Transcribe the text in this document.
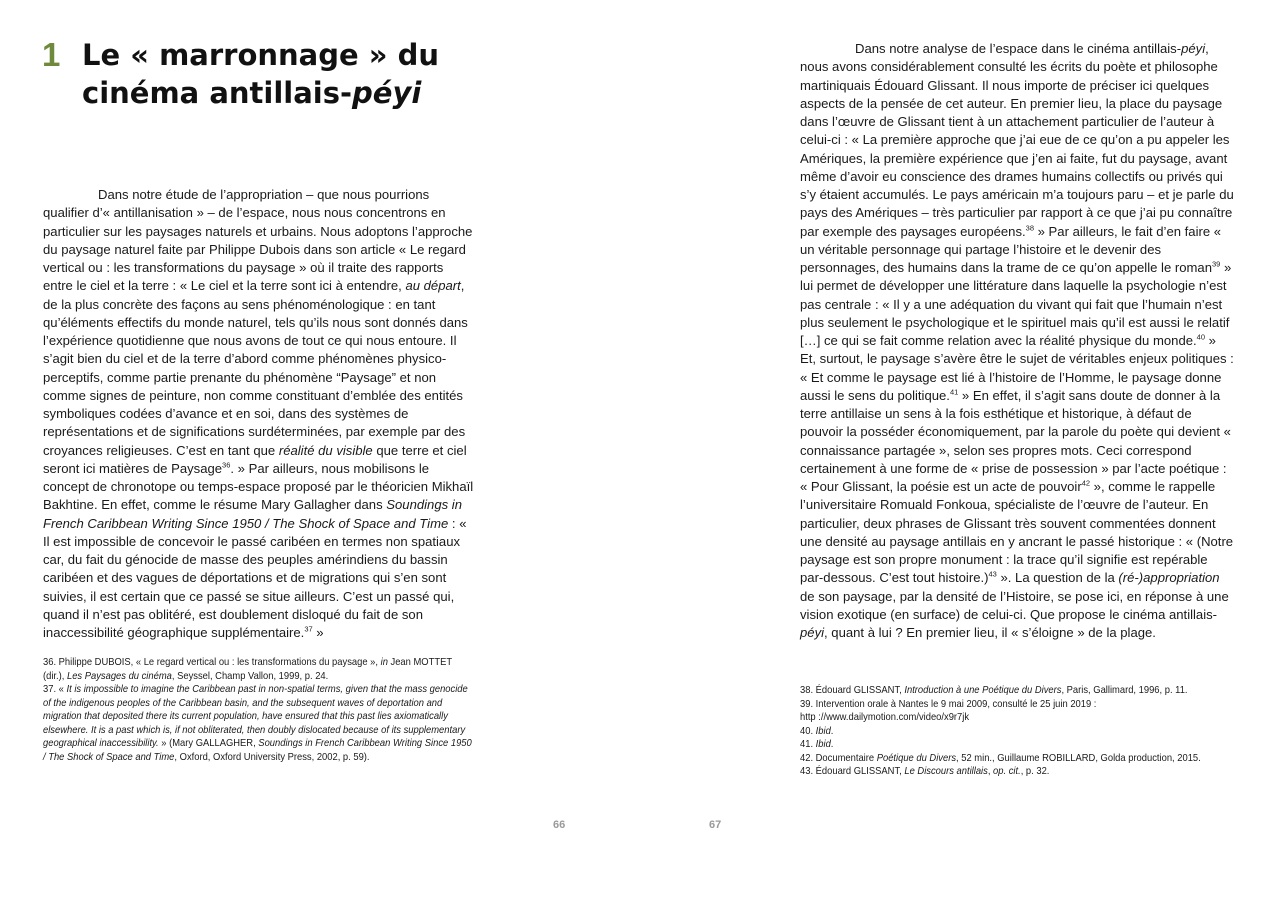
1 Le « marronnage » du
cinéma antillais-péyi

Dans notre étude de l’appropriation – que nous pourrions qualifier d’« antillanisation » – de l’espace, nous nous concentrons en particulier sur les paysages naturels et urbains. Nous adoptons l’approche du paysage naturel faite par Philippe Dubois dans son article « Le regard vertical ou : les transformations du paysage » où il traite des rapports entre le ciel et la terre : « Le ciel et la terre sont ici à entendre, au départ, de la plus concrète des façons au sens phénoménologique : en tant qu’éléments effectifs du monde naturel, tels qu’ils nous sont donnés dans l’expérience quotidienne que nous avons de tout ce qui nous entoure. Il s’agit bien du ciel et de la terre d’abord comme phénomènes physico-perceptifs, comme partie prenante du phénomène “Paysage” et non comme signes de peinture, non comme constituant d’emblée des entités symboliques codées d’avance et en soi, dans des systèmes de représentations et de significations surdéterminées, par exemple par des croyances religieuses. C’est en tant que réalité du visible que terre et ciel seront ici matières de Paysage$^{36}$. » Par ailleurs, nous mobilisons le concept de chronotope ou temps-espace proposé par le théoricien Mikhaïl Bakhtine. En effet, comme le résume Mary Gallagher dans Soundings in French Caribbean Writing Since 1950 / The Shock of Space and Time : « Il est impossible de concevoir le passé caribéen en termes non spatiaux car, du fait du génocide de masse des peuples amérindiens du bassin caribéen et des vagues de déportations et de migrations qui s’en sont suivies, il est certain que ce passé se situe ailleurs. C’est un passé qui, quand il n’est pas oblitéré, est doublement disloqué du fait de son inaccessibilité géographique supplémentaire.$^{37}$ »

36. Philippe DUBOIS, « Le regard vertical ou : les transformations du paysage », in Jean MOTTET (dir.), Les Paysages du cinéma, Seyssel, Champ Vallon, 1999, p. 24.
37. « It is impossible to imagine the Caribbean past in non-spatial terms, given that the mass genocide of the indigenous peoples of the Caribbean basin, and the subsequent waves of deportation and migration that deposited there its current population, have ensured that this past lies axiomatically elsewhere. It is a past which is, if not obliterated, then doubly dislocated because of its supplementary geographical inaccessibility. » (Mary GALLAGHER, Soundings in French Caribbean Writing Since 1950 / The Shock of Space and Time, Oxford, Oxford University Press, 2002, p. 59).
66

Dans notre analyse de l’espace dans le cinéma antillais-péyi, nous avons considérablement consulté les écrits du poète et philosophe martiniquais Édouard Glissant. Il nous importe de préciser ici quelques aspects de la pensée de cet auteur. En premier lieu, la place du paysage dans l’œuvre de Glissant tient à un attachement particulier de l’auteur à celui-ci : « La première approche que j’ai eue de ce qu’on a pu appeler les Amériques, la première expérience que j’en ai faite, fut du paysage, avant même d’avoir eu conscience des drames humains collectifs ou privés qui s’y étaient accumulés. Le pays américain m’a toujours paru – et je parle du pays des Amériques – très particulier par rapport à ce que j’ai pu connaître par exemple des paysages européens.$^{38}$ » Par ailleurs, le fait d’en faire « un véritable personnage qui partage l’histoire et le devenir des personnages, des humains dans la trame de ce qu’on appelle le roman$^{39}$ » lui permet de développer une littérature dans laquelle la psychologie n’est pas centrale : « Il y a une adéquation du vivant qui fait que l’humain n’est plus seulement le psychologique et le spirituel mais qu’il est aussi le relatif […] ce qui se fait comme relation avec la réalité physique du monde.$^{40}$ » Et, surtout, le paysage s’avère être le sujet de véritables enjeux politiques : « Et comme le paysage est lié à l’histoire de l’Homme, le paysage donne aussi le sens du politique.$^{41}$ » En effet, il s’agit sans doute de donner à la terre antillaise un sens à la fois esthétique et historique, à défaut de pouvoir la posséder économiquement, par la parole du poète qui devient « connaissance partagée », selon ses propres mots. Ceci correspond certainement à une forme de « prise de possession » par l’acte poétique : « Pour Glissant, la poésie est un acte de pouvoir$^{42}$ », comme le rappelle l’universitaire Romuald Fonkoua, spécialiste de l’œuvre de l’auteur. En particulier, deux phrases de Glissant très souvent commentées donnent une densité au paysage antillais en y ancrant le passé historique : « (Notre paysage est son propre monument : la trace qu’il signifie est repérable par-dessous. C’est tout histoire.)$^{43}$ ». La question de la (ré-)appropriation de son paysage, par la densité de l’Histoire, se pose ici, en réponse à une vision exotique (en surface) de celui-ci. Que propose le cinéma antillais-péyi, quant à lui ? En premier lieu, il « s’éloigne » de la plage.

38. Édouard GLISSANT, Introduction à une Poétique du Divers, Paris, Gallimard, 1996, p. 11.
39. Intervention orale à Nantes le 9 mai 2009, consulté le 25 juin 2019 :
http ://www.dailymotion.com/video/x9r7jk
40. Ibid.
41. Ibid.
42. Documentaire Poétique du Divers, 52 min., Guillaume ROBILLARD, Golda production, 2015.
43. Édouard GLISSANT, Le Discours antillais, op. cit., p. 32.
67
